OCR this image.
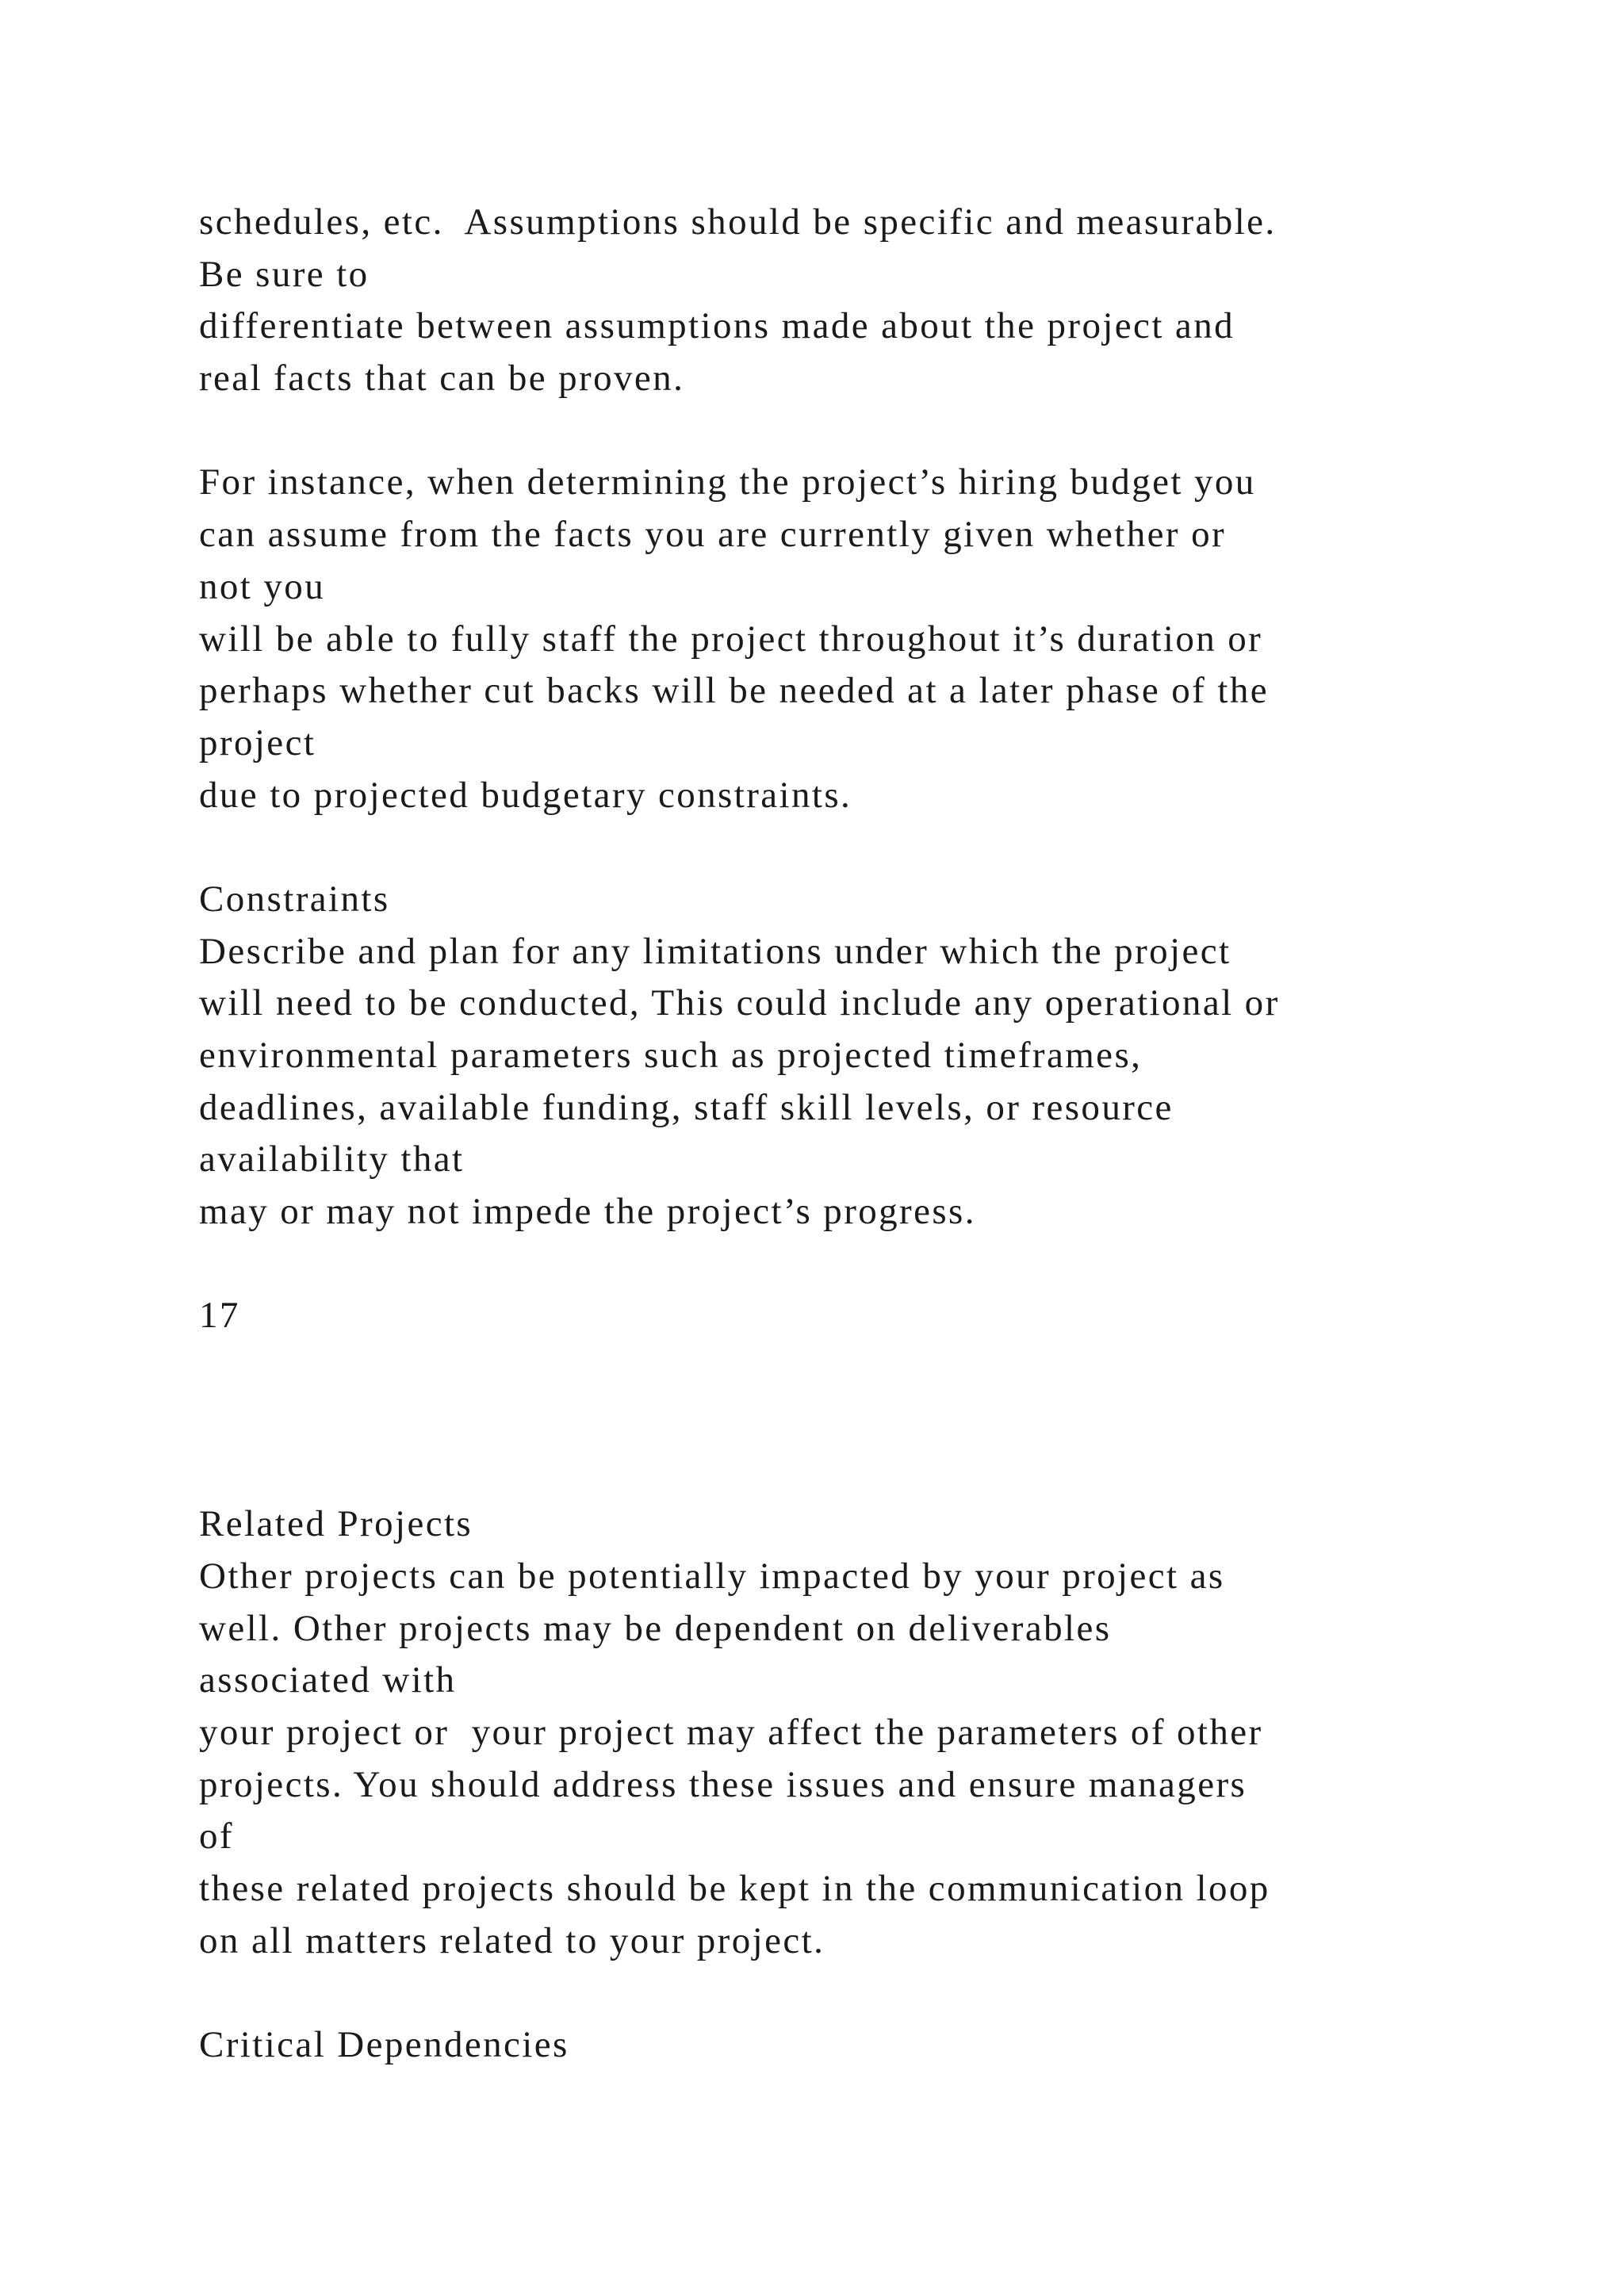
schedules, etc.  Assumptions should be specific and measurable.
Be sure to
differentiate between assumptions made about the project and
real facts that can be proven.
For instance, when determining the project’s hiring budget you
can assume from the facts you are currently given whether or
not you
will be able to fully staff the project throughout it’s duration or
perhaps whether cut backs will be needed at a later phase of the
project
due to projected budgetary constraints.
Constraints
Describe and plan for any limitations under which the project
will need to be conducted, This could include any operational or
environmental parameters such as projected timeframes,
deadlines, available funding, staff skill levels, or resource
availability that
may or may not impede the project’s progress.
17
Related Projects
Other projects can be potentially impacted by your project as
well. Other projects may be dependent on deliverables
associated with
your project or  your project may affect the parameters of other
projects. You should address these issues and ensure managers
of
these related projects should be kept in the communication loop
on all matters related to your project.
Critical Dependencies
